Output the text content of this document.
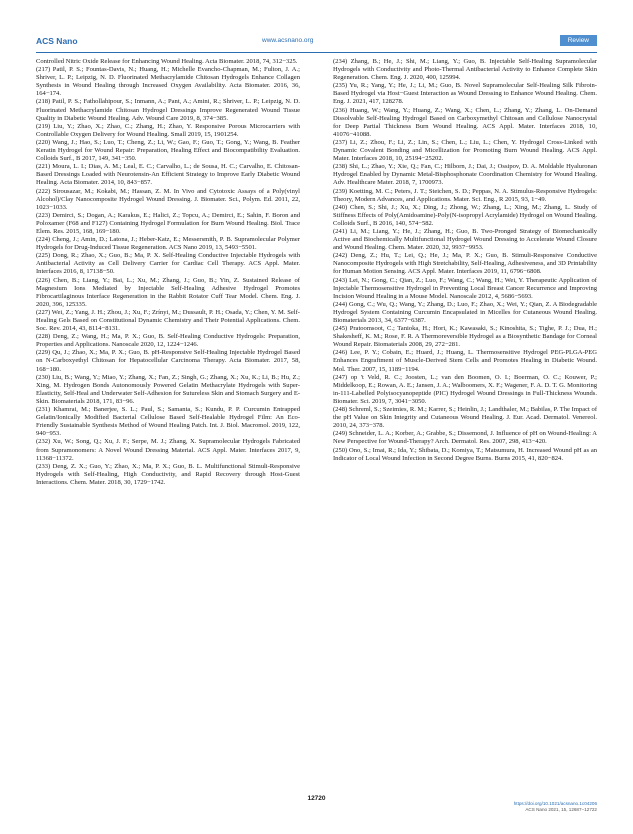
ACS Nano	www.acsnano.org	Review

Controlled Nitric Oxide Release for Enhancing Wound Healing. Acta Biomater. 2018, 74, 312−325.

(217) Patil, P. S.; Fountas-Davis, N.; Huang, H.; Michelle Evancho-Chapman, M.; Fulton, J. A.; Shriver, L. P.; Leipzig, N. D. Fluorinated Methacrylamide Chitosan Hydrogels Enhance Collagen Synthesis in Wound Healing through Increased Oxygen Availability. Acta Biomater. 2016, 36, 164−174.

(218) Patil, P. S.; Fathollahipour, S.; Inmann, A.; Pant, A.; Amini, R.; Shriver, L. P.; Leipzig, N. D. Fluorinated Methacrylamide Chitosan Hydrogel Dressings Improve Regenerated Wound Tissue Quality in Diabetic Wound Healing. Adv. Wound Care 2019, 8, 374−385.

(219) Liu, Y.; Zhao, X.; Zhao, C.; Zhang, H.; Zhao, Y. Responsive Porous Microcarriers with Controllable Oxygen Delivery for Wound Healing. Small 2019, 15, 1901254.

(220) Wang, J.; Hao, S.; Luo, T.; Cheng, Z.; Li, W.; Gao, F.; Guo, T.; Gong, Y.; Wang, B. Feather Keratin Hydrogel for Wound Repair: Preparation, Healing Effect and Biocompatibility Evaluation. Colloids Surf., B 2017, 149, 341−350.

(221) Moura, L. I.; Dias, A. M.; Leal, E. C.; Carvalho, L.; de Sousa, H. C.; Carvalho, E. Chitosan-Based Dressings Loaded with Neurotensin-An Efficient Strategy to Improve Early Diabetic Wound Healing. Acta Biomater. 2014, 10, 843−857.

(222) Sirousazar, M.; Kokabi, M.; Hassan, Z. M. In Vivo and Cytotoxic Assays of a Poly(vinyl Alcohol)/Clay Nanocomposite Hydrogel Wound Dressing. J. Biomater. Sci., Polym. Ed. 2011, 22, 1023−1033.

(223) Demirci, S.; Dogan, A.; Karakus, E.; Halici, Z.; Topcu, A.; Demirci, E.; Sahin, F. Boron and Poloxamer (F68 and F127) Containing Hydrogel Formulation for Burn Wound Healing. Biol. Trace Elem. Res. 2015, 168, 169−180.

(224) Cheng, J.; Amin, D.; Latona, J.; Heber-Katz, E.; Messersmith, P. B. Supramolecular Polymer Hydrogels for Drug-Induced Tissue Regeneration. ACS Nano 2019, 13, 5493−5501.

(225) Dong, R.; Zhao, X.; Guo, B.; Ma, P. X. Self-Healing Conductive Injectable Hydrogels with Antibacterial Activity as Cell Delivery Carrier for Cardiac Cell Therapy. ACS Appl. Mater. Interfaces 2016, 8, 17138−50.

(226) Chen, B.; Liang, Y.; Bai, L.; Xu, M.; Zhang, J.; Guo, B.; Yin, Z. Sustained Release of Magnesium Ions Mediated by Injectable Self-Healing Adhesive Hydrogel Promotes Fibrocartilaginous Interface Regeneration in the Rabbit Rotator Cuff Tear Model. Chem. Eng. J. 2020, 396, 125335.

(227) Wei, Z.; Yang, J. H.; Zhou, J.; Xu, F.; Zrínyi, M.; Dussault, P. H.; Osada, Y.; Chen, Y. M. Self-Healing Gels Based on Constitutional Dynamic Chemistry and Their Potential Applications. Chem. Soc. Rev. 2014, 43, 8114−8131.

(228) Deng, Z.; Wang, H.; Ma, P. X.; Guo, B. Self-Healing Conductive Hydrogels: Preparation, Properties and Applications. Nanoscale 2020, 12, 1224−1246.

(229) Qu, J.; Zhao, X.; Ma, P. X.; Guo, B. pH-Responsive Self-Healing Injectable Hydrogel Based on N-Carboxyethyl Chitosan for Hepatocellular Carcinoma Therapy. Acta Biomater. 2017, 58, 168−180.

(230) Liu, B.; Wang, Y.; Miao, Y.; Zhang, X.; Fan, Z.; Singh, G.; Zhang, X.; Xu, K.; Li, B.; Hu, Z.; Xing, M. Hydrogen Bonds Autonomously Powered Gelatin Methacrylate Hydrogels with Super-Elasticity, Self-Heal and Underwater Self-Adhesion for Sutureless Skin and Stomach Surgery and E-Skin. Biomaterials 2018, 171, 83−96.

(231) Khamrai, M.; Banerjee, S. L.; Paul, S.; Samanta, S.; Kundu, P. P. Curcumin Entrapped Gelatin/Ionically Modified Bacterial Cellulose Based Self-Healable Hydrogel Film: An Eco-Friendly Sustainable Synthesis Method of Wound Healing Patch. Int. J. Biol. Macromol. 2019, 122, 940−953.

(232) Xu, W.; Song, Q.; Xu, J. F.; Serpe, M. J.; Zhang, X. Supramolecular Hydrogels Fabricated from Supramonomers: A Novel Wound Dressing Material. ACS Appl. Mater. Interfaces 2017, 9, 11368−11372.

(233) Deng, Z. X.; Guo, Y.; Zhao, X.; Ma, P. X.; Guo, B. L. Multifunctional Stimuli-Responsive Hydrogels with Self-Healing, High Conductivity, and Rapid Recovery through Host-Guest Interactions. Chem. Mater. 2018, 30, 1729−1742.

(234) Zhang, B.; He, J.; Shi, M.; Liang, Y.; Guo, B. Injectable Self-Healing Supramolecular Hydrogels with Conductivity and Photo-Thermal Antibacterial Activity to Enhance Complete Skin Regeneration. Chem. Eng. J. 2020, 400, 125994.

(235) Yu, R.; Yang, Y.; He, J.; Li, M.; Guo, B. Novel Supramolecular Self-Healing Silk Fibroin-Based Hydrogel via Host−Guest Interaction as Wound Dressing to Enhance Wound Healing. Chem. Eng. J. 2021, 417, 128278.

(236) Huang, W.; Wang, Y.; Huang, Z.; Wang, X.; Chen, L.; Zhang, Y.; Zhang, L. On-Demand Dissolvable Self-Healing Hydrogel Based on Carboxymethyl Chitosan and Cellulose Nanocrystal for Deep Partial Thickness Burn Wound Healing. ACS Appl. Mater. Interfaces 2018, 10, 41076−41088.

(237) Li, Z.; Zhou, F.; Li, Z.; Lin, S.; Chen, L.; Liu, L.; Chen, Y. Hydrogel Cross-Linked with Dynamic Covalent Bonding and Micellization for Promoting Burn Wound Healing. ACS Appl. Mater. Interfaces 2018, 10, 25194−25202.

(238) Shi, L.; Zhao, Y.; Xie, Q.; Fan, C.; Hilborn, J.; Dai, J.; Ossipov, D. A. Moldable Hyaluronan Hydrogel Enabled by Dynamic Metal-Bisphosphonate Coordination Chemistry for Wound Healing. Adv. Healthcare Mater. 2018, 7, 1700973.

(239) Koetting, M. C.; Peters, J. T.; Steichen, S. D.; Peppas, N. A. Stimulus-Responsive Hydrogels: Theory, Modern Advances, and Applications. Mater. Sci. Eng., R 2015, 93, 1−49.

(240) Chen, S.; Shi, J.; Xu, X.; Ding, J.; Zhong, W.; Zhang, L.; Xing, M.; Zhang, L. Study of Stiffness Effects of Poly(Amidoamine)-Poly(N-isopropyl Acrylamide) Hydrogel on Wound Healing. Colloids Surf., B 2016, 140, 574−582.

(241) Li, M.; Liang, Y.; He, J.; Zhang, H.; Guo, B. Two-Pronged Strategy of Biomechanically Active and Biochemically Multifunctional Hydrogel Wound Dressing to Accelerate Wound Closure and Wound Healing. Chem. Mater. 2020, 32, 9937−9953.

(242) Deng, Z.; Hu, T.; Lei, Q.; He, J.; Ma, P. X.; Guo, B. Stimuli-Responsive Conductive Nanocomposite Hydrogels with High Stretchability, Self-Healing, Adhesiveness, and 3D Printability for Human Motion Sensing. ACS Appl. Mater. Interfaces 2019, 11, 6796−6808.

(243) Lei, N.; Gong, C.; Qian, Z.; Luo, F.; Wang, C.; Wang, H.; Wei, Y. Therapeutic Application of Injectable Thermosensitive Hydrogel in Preventing Local Breast Cancer Recurrence and Improving Incision Wound Healing in a Mouse Model. Nanoscale 2012, 4, 5686−5693.

(244) Gong, C.; Wu, Q.; Wang, Y.; Zhang, D.; Luo, F.; Zhao, X.; Wei, Y.; Qian, Z. A Biodegradable Hydrogel System Containing Curcumin Encapsulated in Micelles for Cutaneous Wound Healing. Biomaterials 2013, 34, 6377−6387.

(245) Pratoomsoot, C.; Tanioka, H.; Hori, K.; Kawasaki, S.; Kinoshita, S.; Tighe, P. J.; Dua, H.; Shakesheff, K. M.; Rose, F. R. A Thermoreversible Hydrogel as a Biosynthetic Bandage for Corneal Wound Repair. Biomaterials 2008, 29, 272−281.

(246) Lee, P. Y.; Cobain, E.; Huard, J.; Huang, L. Thermosensitive Hydrogel PEG-PLGA-PEG Enhances Engraftment of Muscle-Derived Stem Cells and Promotes Healing in Diabetic Wound. Mol. Ther. 2007, 15, 1189−1194.

(247) op 't Veld, R. C.; Joosten, L.; van den Boomen, O. I.; Boerman, O. C.; Kouwer, P.; Middelkoop, E.; Rowan, A. E.; Jansen, J. A.; Walboomers, X. F.; Wagener, F. A. D. T. G. Monitoring in-111-Labelled Polyisocyanopeptide (PIC) Hydrogel Wound Dressings in Full-Thickness Wounds. Biomater. Sci. 2019, 7, 3041−3050.

(248) Schreml, S.; Szeimies, R. M.; Karrer, S.; Heinlin, J.; Landthaler, M.; Babilas, P. The Impact of the pH Value on Skin Integrity and Cutaneous Wound Healing. J. Eur. Acad. Dermatol. Venereol. 2010, 24, 373−378.

(249) Schneider, L. A.; Korber, A.; Grabbe, S.; Dissemond, J. Influence of pH on Wound-Healing: A New Perspective for Wound-Therapy? Arch. Dermatol. Res. 2007, 298, 413−420.

(250) Ono, S.; Imai, R.; Ida, Y.; Shibata, D.; Komiya, T.; Matsumura, H. Increased Wound pH as an Indicator of Local Wound Infection in Second Degree Burns. Burns 2015, 41, 820−824.

12720
https://doi.org/10.1021/acsnano.1c04206
ACS Nano 2021, 15, 12687−12722
